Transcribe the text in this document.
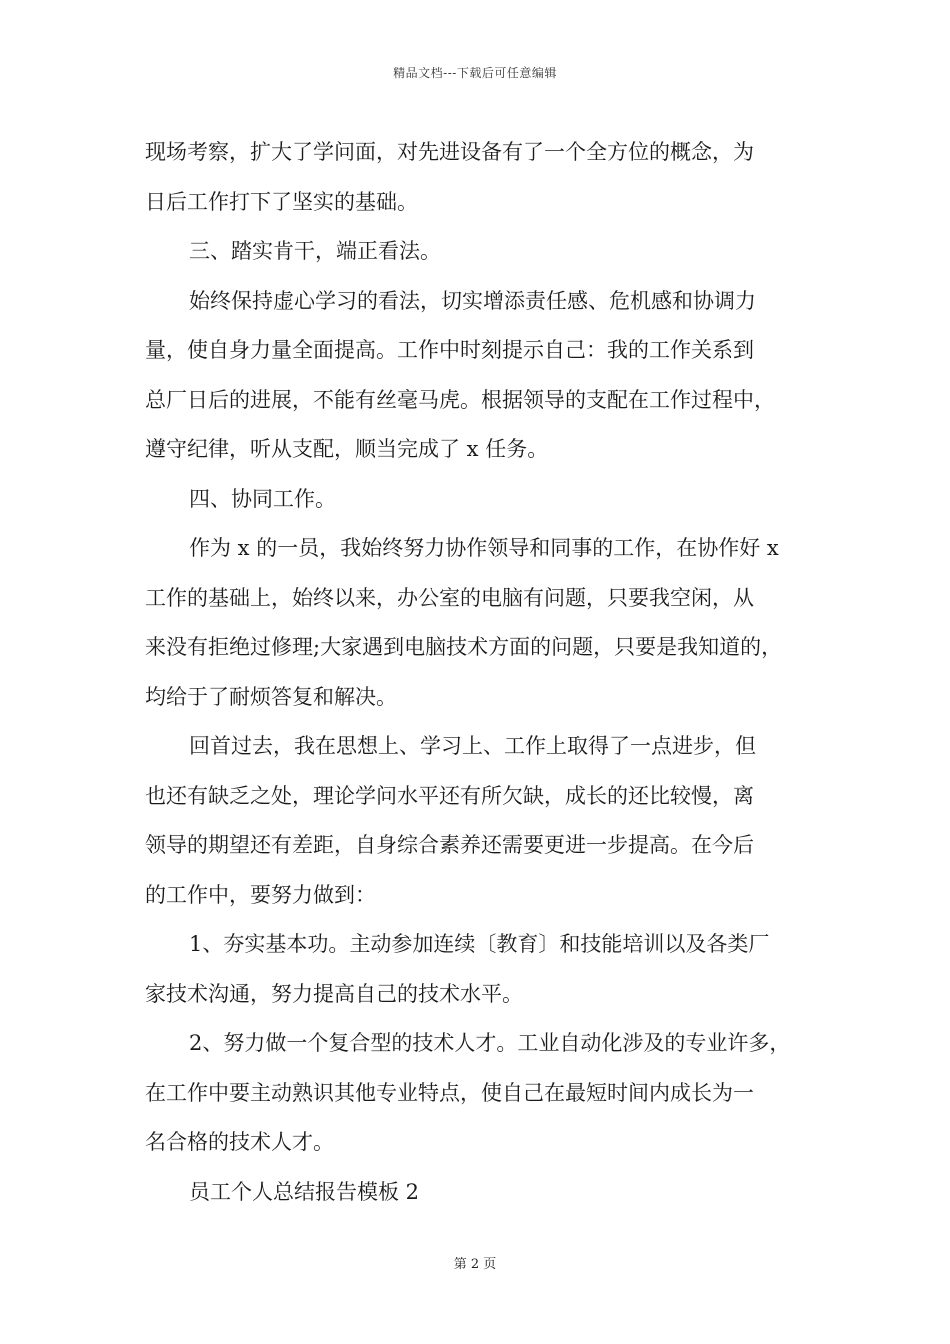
精品文档---下载后可任意编辑
现场考察，扩大了学问面，对先进设备有了一个全方位的概念，为
日后工作打下了坚实的基础。
三、踏实肯干，端正看法。
始终保持虚心学习的看法，切实增添责任感、危机感和协调力
量，使自身力量全面提高。工作中时刻提示自己：我的工作关系到
总厂日后的进展，不能有丝毫马虎。根据领导的支配在工作过程中，
遵守纪律，听从支配，顺当完成了 x 任务。
四、协同工作。
作为 x 的一员，我始终努力协作领导和同事的工作，在协作好 x
工作的基础上，始终以来，办公室的电脑有问题，只要我空闲，从
来没有拒绝过修理;大家遇到电脑技术方面的问题，只要是我知道的，
均给于了耐烦答复和解决。
回首过去，我在思想上、学习上、工作上取得了一点进步，但
也还有缺乏之处，理论学问水平还有所欠缺，成长的还比较慢，离
领导的期望还有差距，自身综合素养还需要更进一步提高。在今后
的工作中，要努力做到：
1、夯实基本功。主动参加连续〔教育〕和技能培训以及各类厂
家技术沟通，努力提高自己的技术水平。
2、努力做一个复合型的技术人才。工业自动化涉及的专业许多，
在工作中要主动熟识其他专业特点，使自己在最短时间内成长为一
名合格的技术人才。
员工个人总结报告模板 2
第 2 页
